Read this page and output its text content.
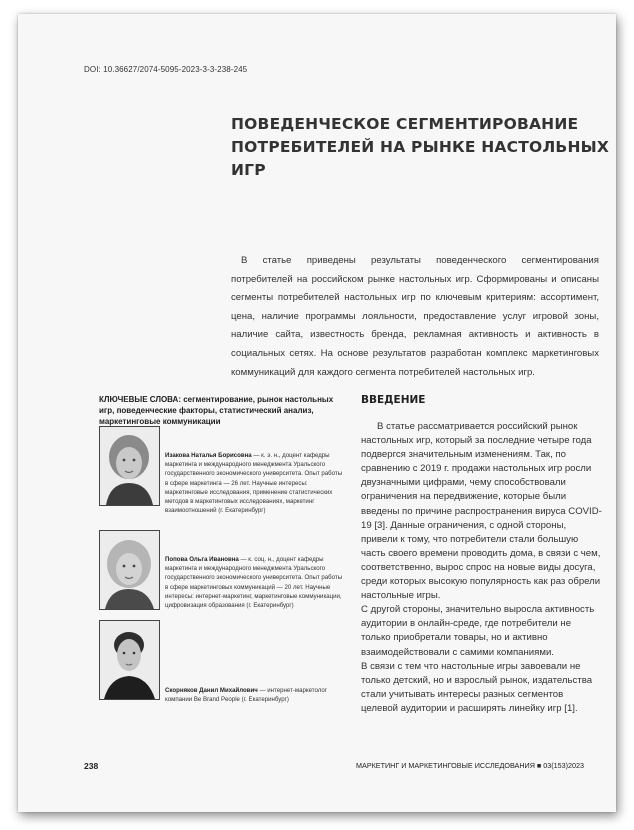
DOI: 10.36627/2074-5095-2023-3-3-238-245
ПОВЕДЕНЧЕСКОЕ СЕГМЕНТИРОВАНИЕ ПОТРЕБИТЕЛЕЙ НА РЫНКЕ НАСТОЛЬНЫХ ИГР
В статье приведены результаты поведенческого сегментирования потребителей на российском рынке настольных игр. Сформированы и описаны сегменты потребителей настольных игр по ключевым критериям: ассортимент, цена, наличие программы лояльности, предоставление услуг игровой зоны, наличие сайта, известность бренда, рекламная активность и активность в социальных сетях. На основе результатов разработан комплекс маркетинговых коммуникаций для каждого сегмента потребителей настольных игр.
КЛЮЧЕВЫЕ СЛОВА: сегментирование, рынок настольных игр, поведенческие факторы, статистический анализ, маркетинговые коммуникации
Изакова Наталья Борисовна — к. э. н., доцент кафедры маркетинга и международного менеджмента Уральского государственного экономического университета. Опыт работы в сфере маркетинга — 26 лет. Научные интересы: маркетинговые исследования, применение статистических методов в маркетинговых исследованиях, маркетинг взаимоотношений (г. Екатеринбург)
Попова Ольга Ивановна — к. соц. н., доцент кафедры маркетинга и международного менеджмента Уральского государственного экономического университета. Опыт работы в сфере маркетинговых коммуникаций — 20 лет. Научные интересы: интернет-маркетинг, маркетинговые коммуникации, цифровизация образования (г. Екатеринбург)
Скорняков Данил Михайлович — интернет-маркетолог компании Be Brand People (г. Екатеринбург)
ВВЕДЕНИЕ

В статье рассматривается российский рынок настольных игр, который за последние четыре года подвергся значительным изменениям. Так, по сравнению с 2019 г. продажи настольных игр росли двузначными цифрами, чему способствовали ограничения на передвижение, которые были введены по причине распространения вируса COVID-19 [3]. Данные ограничения, с одной стороны, привели к тому, что потребители стали большую часть своего времени проводить дома, в связи с чем, соответственно, вырос спрос на новые виды досуга, среди которых высокую популярность как раз обрели настольные игры.

С другой стороны, значительно выросла активность аудитории в онлайн-среде, где потребители не только приобретали товары, но и активно взаимодействовали с самими компаниями.

В связи с тем что настольные игры завоевали не только детский, но и взрослый рынок, издательства стали учитывать интересы разных сегментов целевой аудитории и расширять линейку игр [1].

238	МАРКЕТИНГ И МАРКЕТИНГОВЫЕ ИССЛЕДОВАНИЯ ■ 03(153)2023
